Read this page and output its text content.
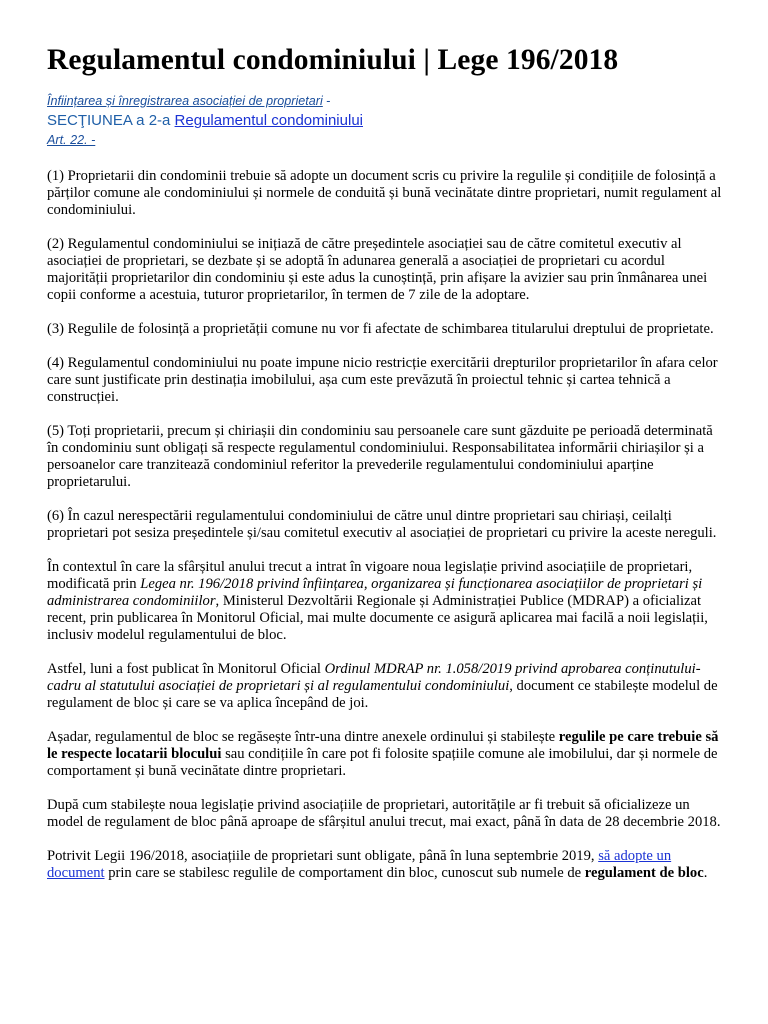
Regulamentul condominiului | Lege 196/2018
Înființarea și înregistrarea asociației de proprietari -
SECŢIUNEA a 2-a Regulamentul condominiului
Art. 22. -

(1) Proprietarii din condominii trebuie să adopte un document scris cu privire la regulile și condițiile de folosință a părților comune ale condominiului și normele de conduită și bună vecinătate dintre proprietari, numit regulament al condominiului.

(2) Regulamentul condominiului se inițiază de către președintele asociației sau de către comitetul executiv al asociației de proprietari, se dezbate și se adoptă în adunarea generală a asociației de proprietari cu acordul majorității proprietarilor din condominiu și este adus la cunoștință, prin afișare la avizier sau prin înmânarea unei copii conforme a acestuia, tuturor proprietarilor, în termen de 7 zile de la adoptare.

(3) Regulile de folosință a proprietății comune nu vor fi afectate de schimbarea titularului dreptului de proprietate.

(4) Regulamentul condominiului nu poate impune nicio restricție exercitării drepturilor proprietarilor în afara celor care sunt justificate prin destinația imobilului, așa cum este prevăzută în proiectul tehnic și cartea tehnică a construcției.

(5) Toți proprietarii, precum și chiriașii din condominiu sau persoanele care sunt găzduite pe perioadă determinată în condominiu sunt obligați să respecte regulamentul condominiului. Responsabilitatea informării chiriașilor și a persoanelor care tranzitează condominiul referitor la prevederile regulamentului condominiului aparține proprietarului.

(6) În cazul nerespectării regulamentului condominiului de către unul dintre proprietari sau chiriași, ceilalți proprietari pot sesiza președintele și/sau comitetul executiv al asociației de proprietari cu privire la aceste nereguli.

În contextul în care la sfârșitul anului trecut a intrat în vigoare noua legislație privind asociațiile de proprietari, modificată prin Legea nr. 196/2018 privind înființarea, organizarea și funcționarea asociațiilor de proprietari și administrarea condominiilor, Ministerul Dezvoltării Regionale și Administrației Publice (MDRAP) a oficializat recent, prin publicarea în Monitorul Oficial, mai multe documente ce asigură aplicarea mai facilă a noii legislații, inclusiv modelul regulamentului de bloc.

Astfel, luni a fost publicat în Monitorul Oficial Ordinul MDRAP nr. 1.058/2019 privind aprobarea conținutului-cadru al statutului asociației de proprietari și al regulamentului condominiului, document ce stabilește modelul de regulament de bloc și care se va aplica începând de joi.

Așadar, regulamentul de bloc se regăsește într-una dintre anexele ordinului și stabilește regulile pe care trebuie să le respecte locatarii blocului sau condițiile în care pot fi folosite spațiile comune ale imobilului, dar și normele de comportament și bună vecinătate dintre proprietari.

După cum stabilește noua legislație privind asociațiile de proprietari, autoritățile ar fi trebuit să oficializeze un model de regulament de bloc până aproape de sfârșitul anului trecut, mai exact, până în data de 28 decembrie 2018.

Potrivit Legii 196/2018, asociațiile de proprietari sunt obligate, până în luna septembrie 2019, să adopte un document prin care se stabilesc regulile de comportament din bloc, cunoscut sub numele de regulament de bloc.
